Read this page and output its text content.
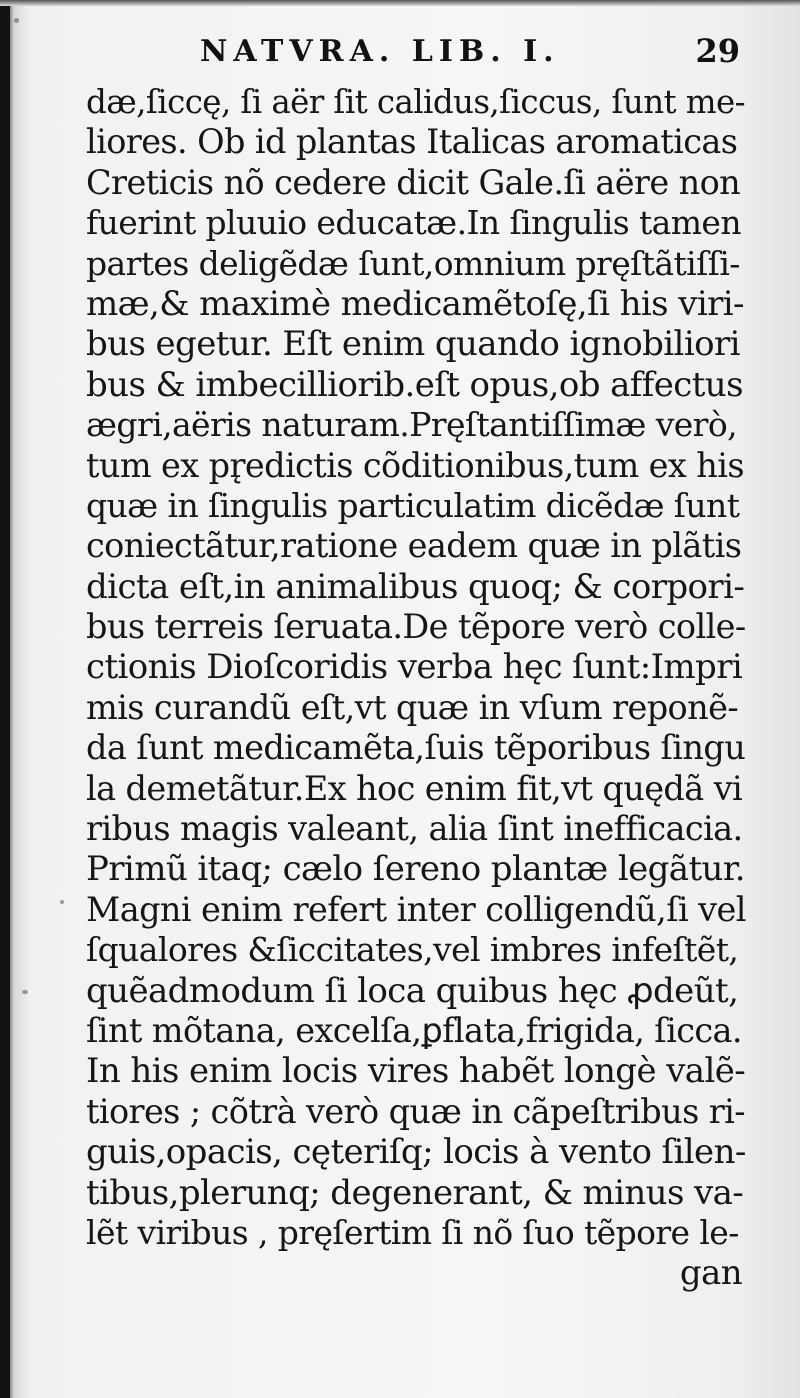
NATVRA. LIB. I.	29
dæ,ſiccę, ſi aër ſit calidus,ſiccus, ſunt me-
liores. Ob id plantas Italicas aromaticas
Creticis nõ cedere dicit Gale.ſi aëre non
fuerint pluuio educatæ.In ſingulis tamen
partes deligẽdæ ſunt,omnium pręſtãtiſſi-
mæ,& maximè medicamẽtoſę,ſi his viri-
bus egetur. Eſt enim quando ignobiliori
bus & imbecilliorib.eſt opus,ob affectus
ægri,aëris naturam.Pręſtantiſſimæ verò,
tum ex pr̨edictis cõditionibus,tum ex his
quæ in ſingulis particulatim dicẽdæ ſunt
coniectãtur,ratione eadem quæ in plãtis
dicta eſt,in animalibus quoq; & corpori-
bus terreis ſeruata.De tẽpore verò colle-
ctionis Dioſcoridis verba hęc ſunt:Impri
mis curandũ eſt,vt quæ in vſum reponẽ-
da ſunt medicamẽta,ſuis tẽporibus ſingu
la demetãtur.Ex hoc enim fit,vt quędã vi
ribus magis valeant, alia ſint inefficacia.
Primũ itaq; cælo ſereno plantæ legãtur.
Magni enim refert inter colligendũ,ſi vel
ſqualores &ſiccitates,vel imbres infeſtẽt,
quẽadmodum ſi loca quibus hęc ꝓdeũt,
ſint mõtana, excelſa,ꝑflata,frigida, ſicca.
In his enim locis vires habẽt longè valẽ-
tiores ; cõtrà verò quæ in cãpeſtribus ri-
guis,opacis, cęteriſq; locis à vento ſilen-
tibus,plerunq; degenerant, & minus va-
lẽt viribus , pręſertim ſi nõ ſuo tẽpore le-
gan
